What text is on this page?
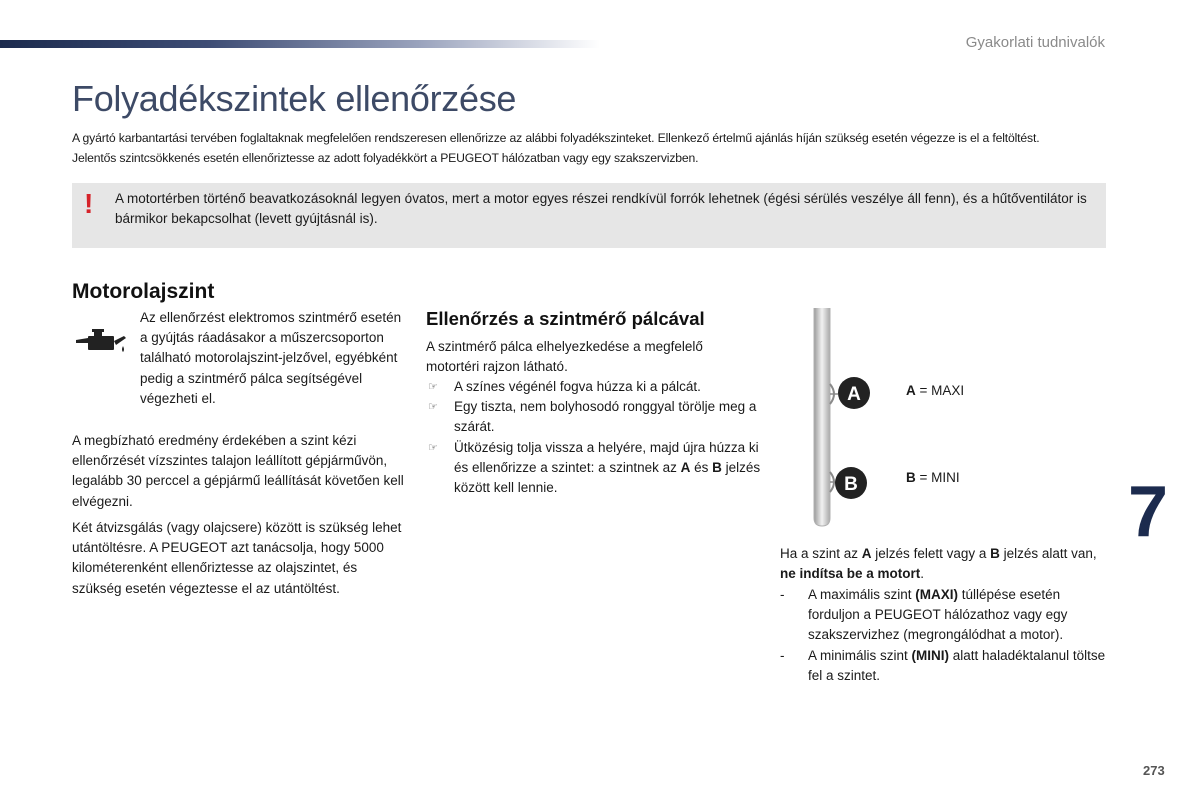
Gyakorlati tudnivalók
Folyadékszintek ellenőrzése

A gyártó karbantartási tervében foglaltaknak megfelelően rendszeresen ellenőrizze az alábbi folyadékszinteket. Ellenkező értelmű ajánlás híján szükség esetén végezze is el a feltöltést.
Jelentős szintcsökkenés esetén ellenőriztesse az adott folyadékkört a PEUGEOT hálózatban vagy egy szakszervizben.

! A motortérben történő beavatkozásoknál legyen óvatos, mert a motor egyes részei rendkívül forrók lehetnek (égési sérülés veszélye áll fenn), és a hűtőventilátor is bármikor bekapcsolhat (levett gyújtásnál is).

Motorolajszint

Az ellenőrzést elektromos szintmérő esetén a gyújtás ráadásakor a műszercsoporton található motorolajszint-jelzővel, egyébként pedig a szintmérő pálca segítségével végezheti el.

A megbízható eredmény érdekében a szint kézi ellenőrzését vízszintes talajon leállított gépjárművön, legalább 30 perccel a gépjármű leállítását követően kell elvégezni.

Két átvizsgálás (vagy olajcsere) között is szükség lehet utántöltésre. A PEUGEOT azt tanácsolja, hogy 5000 kilométerenként ellenőriztesse az olajszintet, és szükség esetén végeztesse el az utántöltést.

Ellenőrzés a szintmérő pálcával

A szintmérő pálca elhelyezkedése a megfelelő motortéri rajzon látható.

☞ A színes végénél fogva húzza ki a pálcát.
☞ Egy tiszta, nem bolyhosodó ronggyal törölje meg a szárát.
☞ Ütközésig tolja vissza a helyére, majd újra húzza ki és ellenőrizze a szintet: a szintnek az A és B jelzés között kell lennie.
A
B
A = MAXI
B = MINI 7

Ha a szint az A jelzés felett vagy a B jelzés alatt van, ne indítsa be a motort.

- A maximális szint (MAXI) túllépése esetén forduljon a PEUGEOT hálózathoz vagy egy szakszervizhez (megrongálódhat a motor).
- A minimális szint (MINI) alatt haladéktalanul töltse fel a szintet.
273
